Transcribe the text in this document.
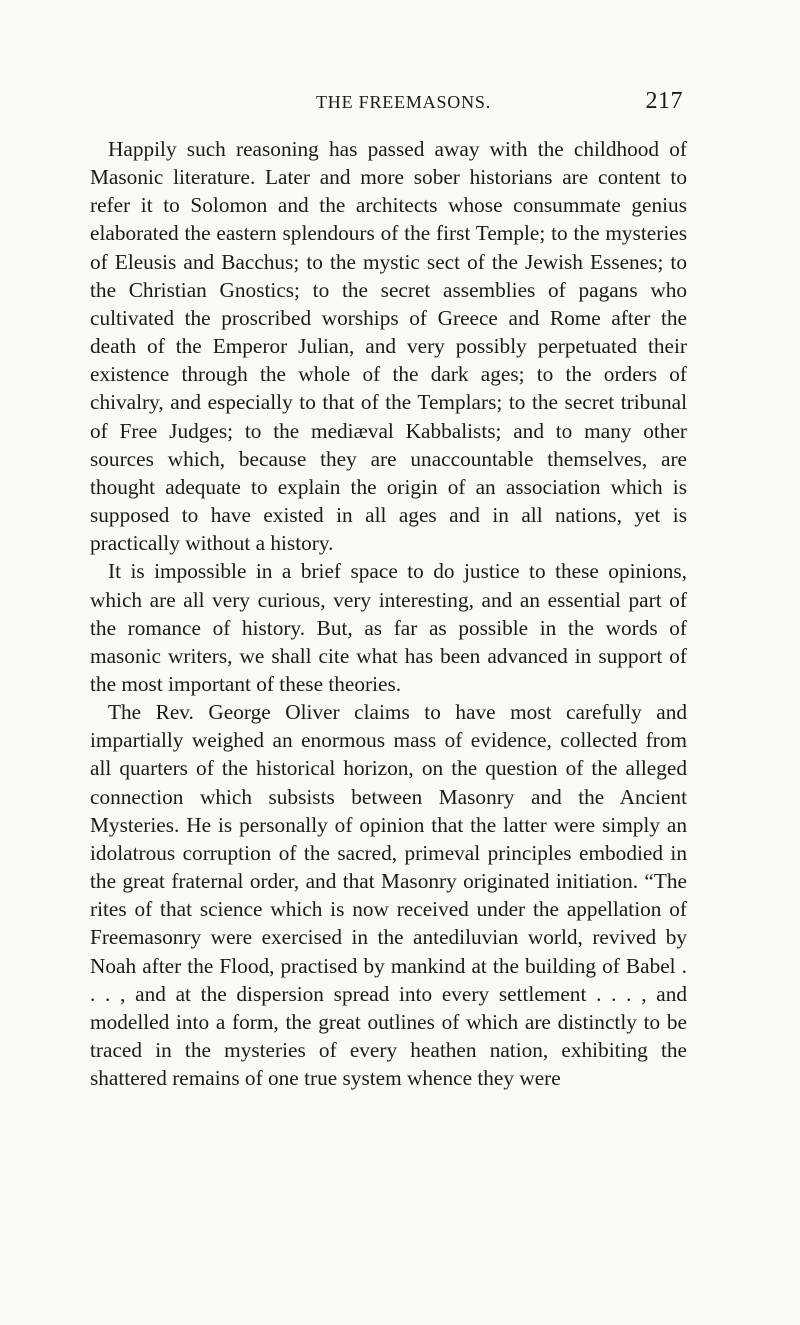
THE FREEMASONS.	217

Happily such reasoning has passed away with the childhood of Masonic literature. Later and more sober historians are content to refer it to Solomon and the architects whose consummate genius elaborated the eastern splendours of the first Temple; to the mysteries of Eleusis and Bacchus; to the mystic sect of the Jewish Essenes; to the Christian Gnostics; to the secret assemblies of pagans who cultivated the proscribed worships of Greece and Rome after the death of the Emperor Julian, and very possibly perpetuated their existence through the whole of the dark ages; to the orders of chivalry, and especially to that of the Templars; to the secret tribunal of Free Judges; to the mediæval Kabbalists; and to many other sources which, because they are unaccountable themselves, are thought adequate to explain the origin of an association which is supposed to have existed in all ages and in all nations, yet is practically without a history.

It is impossible in a brief space to do justice to these opinions, which are all very curious, very interesting, and an essential part of the romance of history. But, as far as possible in the words of masonic writers, we shall cite what has been advanced in support of the most important of these theories.

The Rev. George Oliver claims to have most carefully and impartially weighed an enormous mass of evidence, collected from all quarters of the historical horizon, on the question of the alleged connection which subsists between Masonry and the Ancient Mysteries. He is personally of opinion that the latter were simply an idolatrous corruption of the sacred, primeval principles embodied in the great fraternal order, and that Masonry originated initiation. “The rites of that science which is now received under the appellation of Freemasonry were exercised in the antediluvian world, revived by Noah after the Flood, practised by mankind at the building of Babel . . . , and at the dispersion spread into every settlement . . . , and modelled into a form, the great outlines of which are distinctly to be traced in the mysteries of every heathen nation, exhibiting the shattered remains of one true system whence they were
